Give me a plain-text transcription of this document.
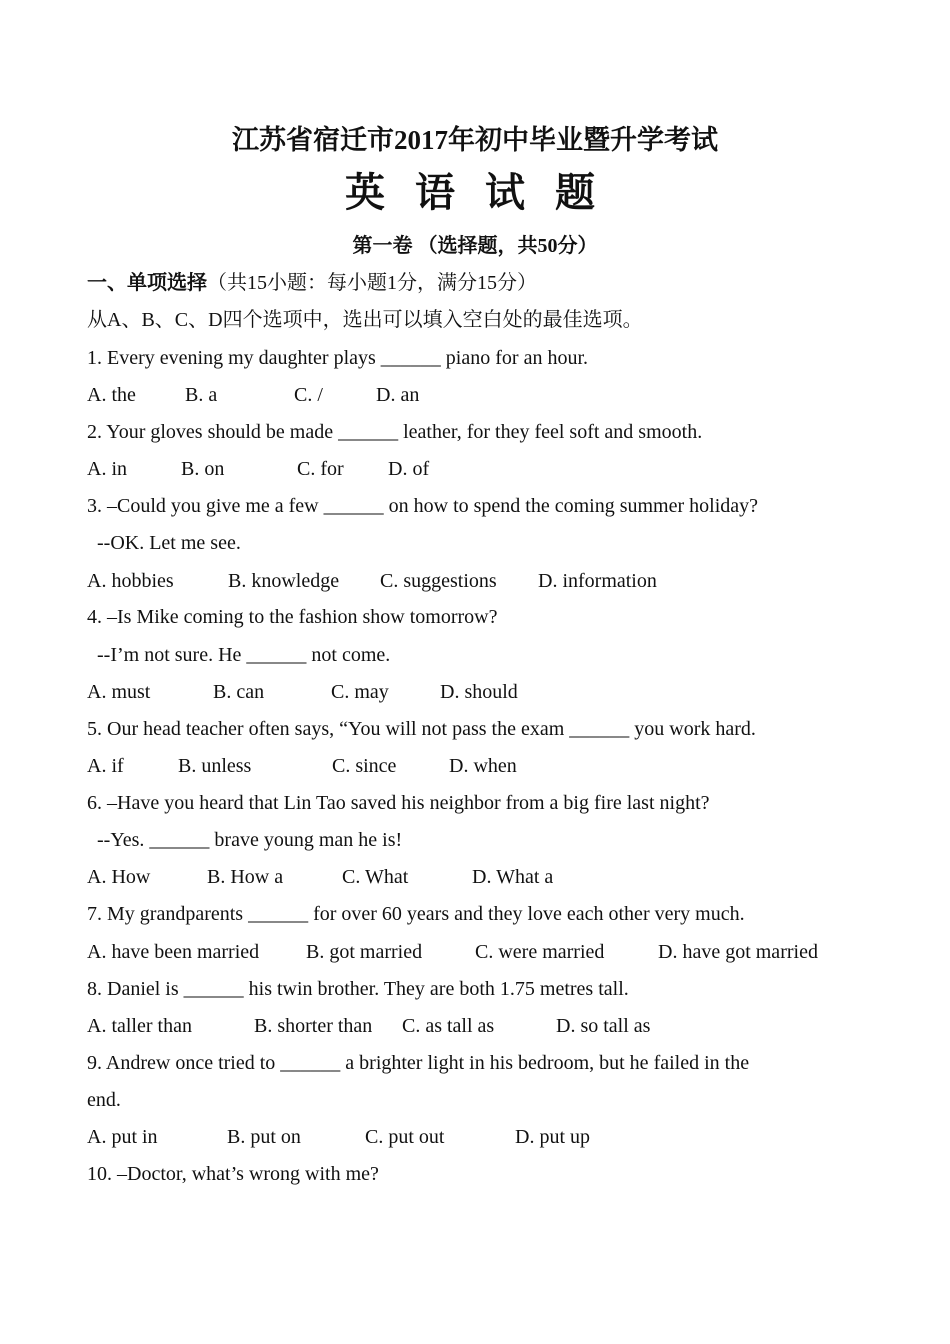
江苏省宿迁市2017年初中毕业暨升学考试
英 语 试 题
第一卷 （选择题，共50分）
一、单项选择（共15小题：每小题1分，满分15分）
从A、B、C、D四个选项中，选出可以填入空白处的最佳选项。
1. Every evening my daughter plays ______ piano for an hour.
A. the B. a	C. /	D. an
2. Your gloves should be made ______ leather, for they feel soft and smooth.
A. in	B. on	C. for D. of
3. –Could you give me a few ______ on how to spend the coming summer holiday?
--OK. Let me see.
A. hobbies	B. knowledge C. suggestions D. information
4. –Is Mike coming to the fashion show tomorrow?
--I’m not sure. He ______ not come.
A. must	B. can	C. may	D. should
5. Our head teacher often says, “You will not pass the exam ______ you work hard.
A. if	B. unless	C. since	D. when
6. –Have you heard that Lin Tao saved his neighbor from a big fire last night?
--Yes. ______ brave young man he is!
A. How	B. How a	C. What	D. What a
7. My grandparents ______ for over 60 years and they love each other very much.
A. have been married B. got married	C. were married	D. have got married
8. Daniel is ______ his twin brother. They are both 1.75 metres tall.
A. taller than	B. shorter than C. as tall as	D. so tall as
9. Andrew once tried to ______ a brighter light in his bedroom, but he failed in the
end.
A. put in	B. put on	C. put out	D. put up
10. –Doctor, what’s wrong with me?
